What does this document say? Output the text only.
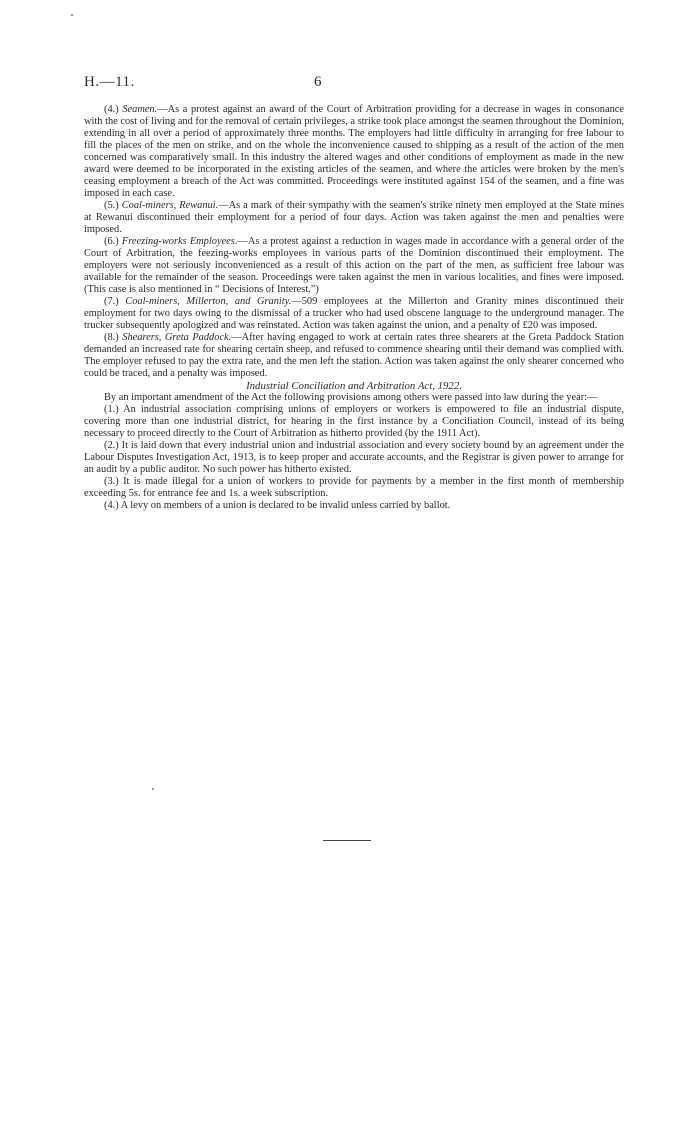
H.—11.	6

(4.) Seamen.—As a protest against an award of the Court of Arbitration providing for a decrease in wages in consonance with the cost of living and for the removal of certain privileges, a strike took place amongst the seamen throughout the Dominion, extending in all over a period of approximately three months. The employers had little difficulty in arranging for free labour to fill the places of the men on strike, and on the whole the inconvenience caused to shipping as a result of the action of the men concerned was comparatively small. In this industry the altered wages and other conditions of employment as made in the new award were deemed to be incorporated in the existing articles of the seamen, and where the articles were broken by the men's ceasing employment a breach of the Act was committed. Proceedings were instituted against 154 of the seamen, and a fine was imposed in each case.

(5.) Coal-miners, Rewanui.—As a mark of their sympathy with the seamen's strike ninety men employed at the State mines at Rewanui discontinued their employment for a period of four days. Action was taken against the men and penalties were imposed.

(6.) Freezing-works Employees.—As a protest against a reduction in wages made in accordance with a general order of the Court of Arbitration, the feezing-works employees in various parts of the Dominion discontinued their employment. The employers were not seriously inconvenienced as a result of this action on the part of the men, as sufficient free labour was available for the remainder of the season. Proceedings were taken against the men in various localities, and fines were imposed. (This case is also mentioned in “ Decisions of Interest.”)

(7.) Coal-miners, Millerton, and Granity.—509 employees at the Millerton and Granity mines discontinued their employment for two days owing to the dismissal of a trucker who had used obscene language to the underground manager. The trucker subsequently apologized and was reinstated. Action was taken against the union, and a penalty of £20 was imposed.

(8.) Shearers, Greta Paddock.—After having engaged to work at certain rates three shearers at the Greta Paddock Station demanded an increased rate for shearing certain sheep, and refused to commence shearing until their demand was complied with. The employer refused to pay the extra rate, and the men left the station. Action was taken against the only shearer concerned who could be traced, and a penalty was imposed.

Industrial Conciliation and Arbitration Act, 1922.

By an important amendment of the Act the following provisions among others were passed into law during the year:—

(1.) An industrial association comprising unions of employers or workers is empowered to file an industrial dispute, covering more than one industrial district, for hearing in the first instance by a Conciliation Council, instead of its being necessary to proceed directly to the Court of Arbitration as hitherto provided (by the 1911 Act).

(2.) It is laid down that every industrial union and industrial association and every society bound by an agreement under the Labour Disputes Investigation Act, 1913, is to keep proper and accurate accounts, and the Registrar is given power to arrange for an audit by a public auditor. No such power has hitherto existed.

(3.) It is made illegal for a union of workers to provide for payments by a member in the first month of membership exceeding 5s. for entrance fee and 1s. a week subscription.

(4.) A levy on members of a union is declared to be invalid unless carried by ballot.
